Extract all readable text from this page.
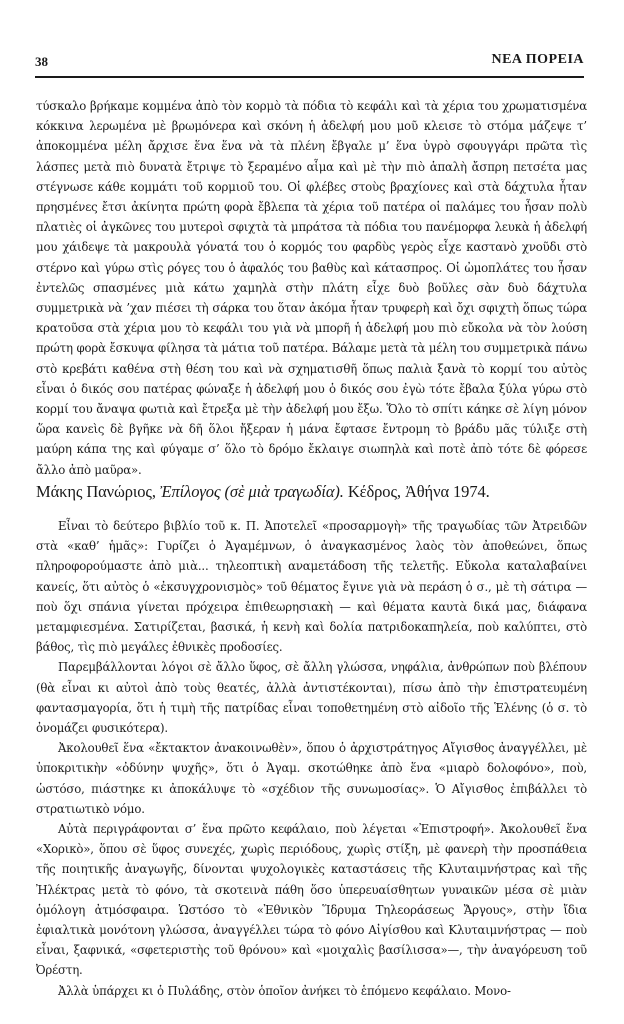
38	ΝΕΑ ΠΟΡΕΙΑ

τύσκαλο βρήκαμε κομμένα ἀπὸ τὸν κορμὸ τὰ πόδια τὸ κεφάλι καὶ τὰ χέρια του χρωματισμένα κόκκινα λερωμένα μὲ βρωμόνερα καὶ σκόνη ἡ ἀδελφή μου μοῦ κλεισε τὸ στόμα μάζεψε τ’ ἀποκομμένα μέλη ἄρχισε ἕνα ἕνα νὰ τὰ πλένη ἔβγαλε μ’ ἕνα ὑγρὸ σφουγγάρι πρῶτα τὶς λάσπες μετὰ πιὸ δυνατὰ ἔτριψε τὸ ξεραμένο αἷμα καὶ μὲ τὴν πιὸ ἁπαλὴ ἄσπρη πετσέτα μας στέγνωσε κάθε κομμάτι τοῦ κορμιοῦ του. Οἱ φλέβες στοὺς βραχίονες καὶ στὰ δάχτυλα ἦταν πρησμένες ἔτσι ἀκίνητα πρώτη φορὰ ἔβλεπα τὰ χέρια τοῦ πατέρα οἱ παλάμες του ἦσαν πολὺ πλατιὲς οἱ ἀγκῶνες του μυτεροὶ σφιχτὰ τὰ μπράτσα τὰ πόδια του πανέμορφα λευκὰ ἡ ἀδελφή μου χάιδεψε τὰ μακρουλὰ γόνατά του ὁ κορμός του φαρδὺς γερὸς εἶχε καστανὸ χνοῦδι στὸ στέρνο καὶ γύρω στὶς ρόγες του ὁ ἀφαλός του βαθὺς καὶ κάτασπρος. Οἱ ὠμοπλάτες του ἦσαν ἐντελῶς σπασμένες μιὰ κάτω χαμηλὰ στὴν πλάτη εἶχε δυὸ βοῦλες σὰν δυὸ δάχτυλα συμμετρικὰ νὰ ’χαν πιέσει τὴ σάρκα του ὅταν ἀκόμα ἦταν τρυφερὴ καὶ ὄχι σφιχτὴ ὅπως τώρα κρατοῦσα στὰ χέρια μου τὸ κεφάλι του γιὰ νὰ μπορῆ ἡ ἀδελφή μου πιὸ εὔκολα νὰ τὸν λούση πρώτη φορὰ ἔσκυψα φίλησα τὰ μάτια τοῦ πατέρα. Βάλαμε μετὰ τὰ μέλη του συμμετρικὰ πάνω στὸ κρεβάτι καθένα στὴ θέση του καὶ νὰ σχηματισθῆ ὅπως παλιὰ ξανὰ τὸ κορμί του αὐτὸς εἶναι ὁ δικός σου πατέρας φώναξε ἡ ἀδελφή μου ὁ δικός σου ἐγὼ τότε ἔβαλα ξύλα γύρω στὸ κορμί του ἄναψα φωτιὰ καὶ ἔτρεξα μὲ τὴν ἀδελφή μου ἔξω. Ὅλο τὸ σπίτι κάηκε σὲ λίγη μόνον ὥρα κανεὶς δὲ βγῆκε νὰ δῆ ὅλοι ἤξεραν ἡ μάνα ἔφτασε ἔντρομη τὸ βράδυ μᾶς τύλιξε στὴ μαύρη κάπα της καὶ φύγαμε σ’ ὅλο τὸ δρόμο ἔκλαιγε σιωπηλὰ καὶ ποτὲ ἀπὸ τότε δὲ φόρεσε ἄλλο ἀπὸ μαῦρα».

Μάκης Πανώριος, Ἐπίλογος (σὲ μιὰ τραγωδία). Κέδρος, Ἀθήνα 1974.

Εἶναι τὸ δεύτερο βιβλίο τοῦ κ. Π. Ἀποτελεῖ «προσαρμογὴ» τῆς τραγωδίας τῶν Ἀτρειδῶν στὰ «καθ’ ἡμᾶς»: Γυρίζει ὁ Ἀγαμέμνων, ὁ ἀναγκασμένος λαὸς τὸν ἀποθεώνει, ὅπως πληροφορούμαστε ἀπὸ μιὰ... τηλεοπτικὴ αναμετάδοση τῆς τελετῆς. Εὔκολα καταλαβαίνει κανείς, ὅτι αὐτὸς ὁ «ἐκσυγχρονισμὸς» τοῦ θέματος ἔγινε γιὰ νὰ περάση ὁ σ., μὲ τὴ σάτιρα — ποὺ ὅχι σπάνια γίνεται πρόχειρα ἐπιθεωρησιακὴ — καὶ θέματα καυτὰ δικά μας, διάφανα μεταμφιεσμένα. Σατιρίζεται, βασικά, ἡ κενὴ καὶ δολία πατριδοκαπηλεία, ποὺ καλύπτει, στὸ βάθος, τὶς πιὸ μεγάλες ἐθνικὲς προδοσίες.

Παρεμβάλλονται λόγοι σὲ ἄλλο ὕφος, σὲ ἄλλη γλώσσα, νηφάλια, ἀνθρώπων ποὺ βλέπουν (θὰ εἶναι κι αὐτοὶ ἀπὸ τοὺς θεατές, ἀλλὰ ἀντιστέκονται), πίσω ἀπὸ τὴν ἐπιστρατευμένη φαντασμαγορία, ὅτι ἡ τιμὴ τῆς πατρίδας εἶναι τοποθετημένη στὸ αἰδοῖο τῆς Ἑλένης (ὁ σ. τὸ ὀνομάζει φυσικότερα).

Ἀκολουθεῖ ἕνα «ἔκτακτον ἀνακοινωθὲν», ὅπου ὁ ἀρχιστράτηγος Αἴγισθος ἀναγγέλλει, μὲ ὑποκριτικὴν «ὀδύνην ψυχῆς», ὅτι ὁ Ἀγαμ. σκοτώθηκε ἀπὸ ἕνα «μιαρὸ δολοφόνο», ποὺ, ὡστόσο, πιάστηκε κι ἀποκάλυψε τὸ «σχέδιον τῆς συνωμοσίας». Ὁ Αἴγισθος ἐπιβάλλει τὸ στρατιωτικὸ νόμο.

Αὐτὰ περιγράφονται σ’ ἕνα πρῶτο κεφάλαιο, ποὺ λέγεται «Ἐπιστροφή». Ἀκολουθεῖ ἕνα «Χορικὸ», ὅπου σὲ ὕφος συνεχές, χωρὶς περιόδους, χωρὶς στίξη, μὲ φανερὴ τὴν προσπάθεια τῆς ποιητικῆς ἀναγωγῆς, δίνονται ψυχολογικὲς καταστάσεις τῆς Κλυταιμνήστρας καὶ τῆς Ἠλέκτρας μετὰ τὸ φόνο, τὰ σκοτεινὰ πάθη ὅσο ὑπερευαίσθητων γυναικῶν μέσα σὲ μιὰν ὁμόλογη ἀτμόσφαιρα. Ὡστόσο τὸ «Ἐθνικὸν Ἵδρυμα Τηλεοράσεως Ἄργους», στὴν ἴδια ἐφιαλτικὰ μονότονη γλώσσα, ἀναγγέλλει τώρα τὸ φόνο Αἰγίσθου καὶ Κλυταιμνήστρας — ποὺ εἶναι, ξαφνικά, «σφετεριστὴς τοῦ θρόνου» καὶ «μοιχαλὶς βασίλισσα»—, τὴν ἀναγόρευση τοῦ Ὀρέστη.

Ἀλλὰ ὑπάρχει κι ὁ Πυλάδης, στὸν ὁποῖον ἀνήκει τὸ ἑπόμενο κεφάλαιο. Μονο-
